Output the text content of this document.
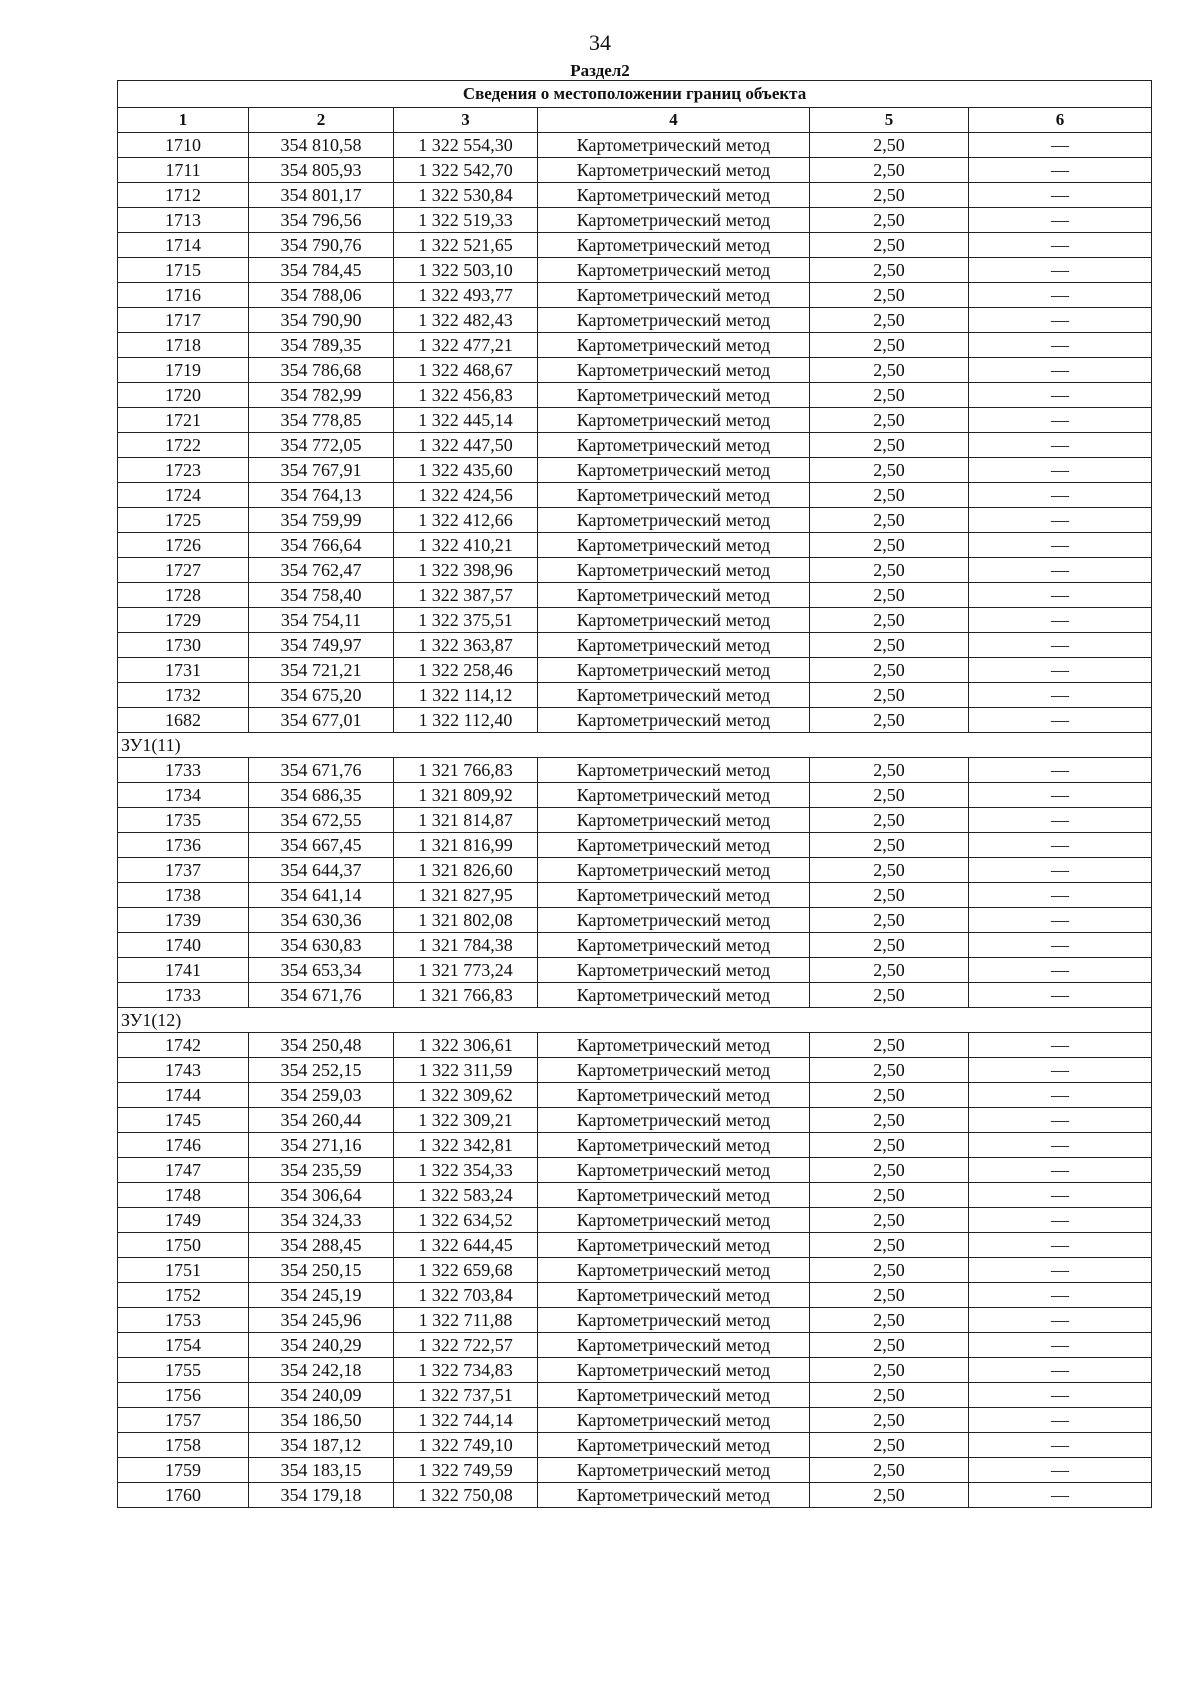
34
Раздел2
Сведения о местоположении границ объекта					
1	2	3	4	5	6
1710	354 810,58	1 322 554,30	Картометрический метод	2,50	—
1711	354 805,93	1 322 542,70	Картометрический метод	2,50	—
1712	354 801,17	1 322 530,84	Картометрический метод	2,50	—
1713	354 796,56	1 322 519,33	Картометрический метод	2,50	—
1714	354 790,76	1 322 521,65	Картометрический метод	2,50	—
1715	354 784,45	1 322 503,10	Картометрический метод	2,50	—
1716	354 788,06	1 322 493,77	Картометрический метод	2,50	—
1717	354 790,90	1 322 482,43	Картометрический метод	2,50	—
1718	354 789,35	1 322 477,21	Картометрический метод	2,50	—
1719	354 786,68	1 322 468,67	Картометрический метод	2,50	—
1720	354 782,99	1 322 456,83	Картометрический метод	2,50	—
1721	354 778,85	1 322 445,14	Картометрический метод	2,50	—
1722	354 772,05	1 322 447,50	Картометрический метод	2,50	—
1723	354 767,91	1 322 435,60	Картометрический метод	2,50	—
1724	354 764,13	1 322 424,56	Картометрический метод	2,50	—
1725	354 759,99	1 322 412,66	Картометрический метод	2,50	—
1726	354 766,64	1 322 410,21	Картометрический метод	2,50	—
1727	354 762,47	1 322 398,96	Картометрический метод	2,50	—
1728	354 758,40	1 322 387,57	Картометрический метод	2,50	—
1729	354 754,11	1 322 375,51	Картометрический метод	2,50	—
1730	354 749,97	1 322 363,87	Картометрический метод	2,50	—
1731	354 721,21	1 322 258,46	Картометрический метод	2,50	—
1732	354 675,20	1 322 114,12	Картометрический метод	2,50	—
1682	354 677,01	1 322 112,40	Картометрический метод	2,50	—
ЗУ1(11)					
1733	354 671,76	1 321 766,83	Картометрический метод	2,50	—
1734	354 686,35	1 321 809,92	Картометрический метод	2,50	—
1735	354 672,55	1 321 814,87	Картометрический метод	2,50	—
1736	354 667,45	1 321 816,99	Картометрический метод	2,50	—
1737	354 644,37	1 321 826,60	Картометрический метод	2,50	—
1738	354 641,14	1 321 827,95	Картометрический метод	2,50	—
1739	354 630,36	1 321 802,08	Картометрический метод	2,50	—
1740	354 630,83	1 321 784,38	Картометрический метод	2,50	—
1741	354 653,34	1 321 773,24	Картометрический метод	2,50	—
1733	354 671,76	1 321 766,83	Картометрический метод	2,50	—
ЗУ1(12)					
1742	354 250,48	1 322 306,61	Картометрический метод	2,50	—
1743	354 252,15	1 322 311,59	Картометрический метод	2,50	—
1744	354 259,03	1 322 309,62	Картометрический метод	2,50	—
1745	354 260,44	1 322 309,21	Картометрический метод	2,50	—
1746	354 271,16	1 322 342,81	Картометрический метод	2,50	—
1747	354 235,59	1 322 354,33	Картометрический метод	2,50	—
1748	354 306,64	1 322 583,24	Картометрический метод	2,50	—
1749	354 324,33	1 322 634,52	Картометрический метод	2,50	—
1750	354 288,45	1 322 644,45	Картометрический метод	2,50	—
1751	354 250,15	1 322 659,68	Картометрический метод	2,50	—
1752	354 245,19	1 322 703,84	Картометрический метод	2,50	—
1753	354 245,96	1 322 711,88	Картометрический метод	2,50	—
1754	354 240,29	1 322 722,57	Картометрический метод	2,50	—
1755	354 242,18	1 322 734,83	Картометрический метод	2,50	—
1756	354 240,09	1 322 737,51	Картометрический метод	2,50	—
1757	354 186,50	1 322 744,14	Картометрический метод	2,50	—
1758	354 187,12	1 322 749,10	Картометрический метод	2,50	—
1759	354 183,15	1 322 749,59	Картометрический метод	2,50	—
1760	354 179,18	1 322 750,08	Картометрический метод	2,50	—
